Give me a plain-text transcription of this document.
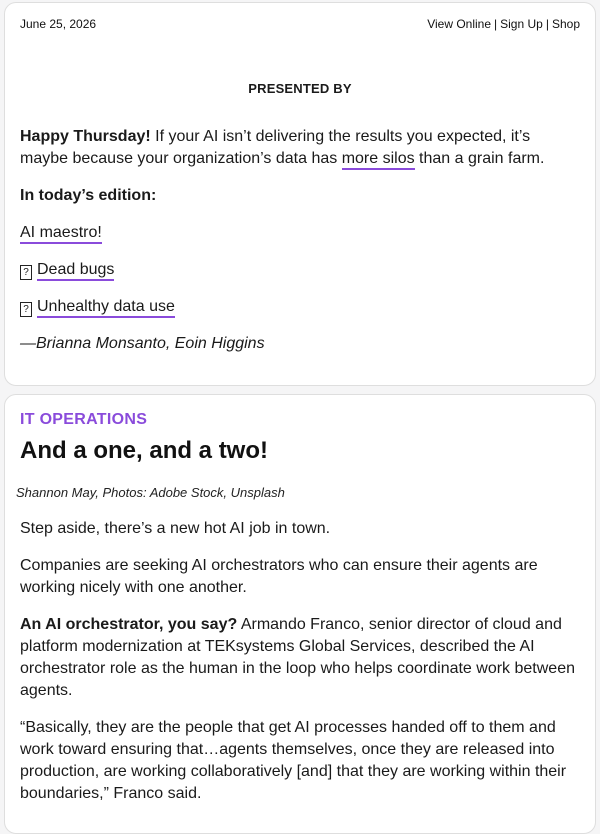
June 25, 2026	View Online | Sign Up | Shop
PRESENTED BY
Happy Thursday! If your AI isn’t delivering the results you expected, it’s maybe because your organization’s data has more silos than a grain farm.
In today’s edition:
AI maestro!
? Dead bugs
? Unhealthy data use
—Brianna Monsanto, Eoin Higgins
IT OPERATIONS
And a one, and a two!
Shannon May, Photos: Adobe Stock, Unsplash
Step aside, there’s a new hot AI job in town.
Companies are seeking AI orchestrators who can ensure their agents are working nicely with one another.
An AI orchestrator, you say? Armando Franco, senior director of cloud and platform modernization at TEKsystems Global Services, described the AI orchestrator role as the human in the loop who helps coordinate work between agents.
“Basically, they are the people that get AI processes handed off to them and work toward ensuring that…agents themselves, once they are released into production, are working collaboratively [and] that they are working within their boundaries,” Franco said.
